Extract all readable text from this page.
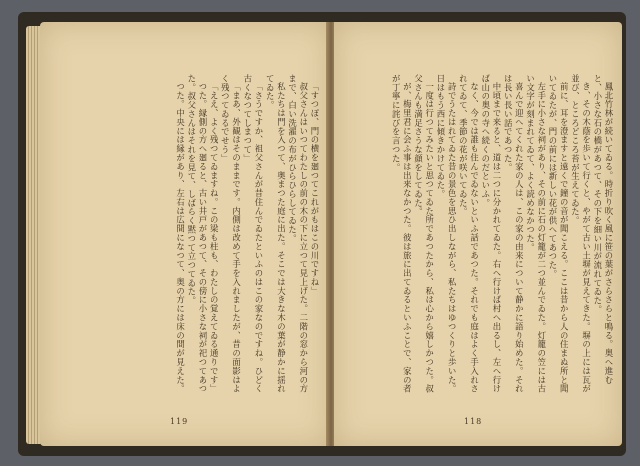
「すつぽ、門の横を廻つてこれがもはこの川ですね」

叔父さんはいつてわたしの前の木の下に立つて見上げた。二階の窓から河の方まで、白い洗濯の布がひらひらしてゐた。

私たちは門を入つて、奥まつた庭に出た。そこでは大きな木の葉が静かに揺れてゐた。

「さうですか、祖父さんが昔住んでゐたといふのはこの家なのですね。ひどく古くなつてしまつて」

「まあ、外観はそのままです。内側は改めて手を入れましたが、昔の面影はよく残つてゐるでせう」

「ええ、よく残つてゐますね。この梁も柱も、わたしの覚えてゐる通りです」

つた。縁側の方へ廻ると、古い井戸があつて、その傍に小さな祠が祀つてあつた。叔父さんはそれを見て、しばらく黙つて立つてゐた。

つた。中央には縁があり、左右は広間になつて、奥の方には床の間が見えた。

119

鳳北竹林が続いてゐる。時折り吹く風に笹の葉がさらさらと鳴る。奥へ進むと、小さな石の橋があつて、その下を細い川が流れてゐた。

き、その木蔭を歩いて行くと、やがて古い土塀が見えてきた。塀の上には瓦が並び、ところどころ苔が生えてゐた。

前に、耳を澄ますと遠くで鐘の音が聞こえる。ここは昔から人の住まぬ所と聞いてゐたが、門の前には新しい花が供へてあつた。

左手に小さな祠があり、その前に石の灯籠が二つ並んでゐた。灯籠の笠には古い文字が刻まれてゐて、よく読めなかつた。

喜んで迎へてくれた家の人は、この家の由来について静かに語り始めた。それは長い長い話であつた。

中頃まで来ると、道は二つに分かれてゐた。右へ行けば村へ出るし、左へ行けば山の奥の寺へ続くのだといふ。

なく、今では誰も住んでゐないといふ話であつた。それでも庭はよく手入れされてゐて、季節の花が咲いてゐた。

詩でうたはれてゐた昔の景色を思ひ出しながら、私たちはゆつくりと歩いた。日はもう西に傾きかけてゐた。

一度は行つてみたいと思つてゐた所であつたから、私は心から嬉しかつた。叔父さんも満足さうな顔をしてゐた。

が、梅里君に会ふ事は出来なかつた。彼は旅に出てゐるといふことで、家の者が丁寧に詫びを言つた。

118
